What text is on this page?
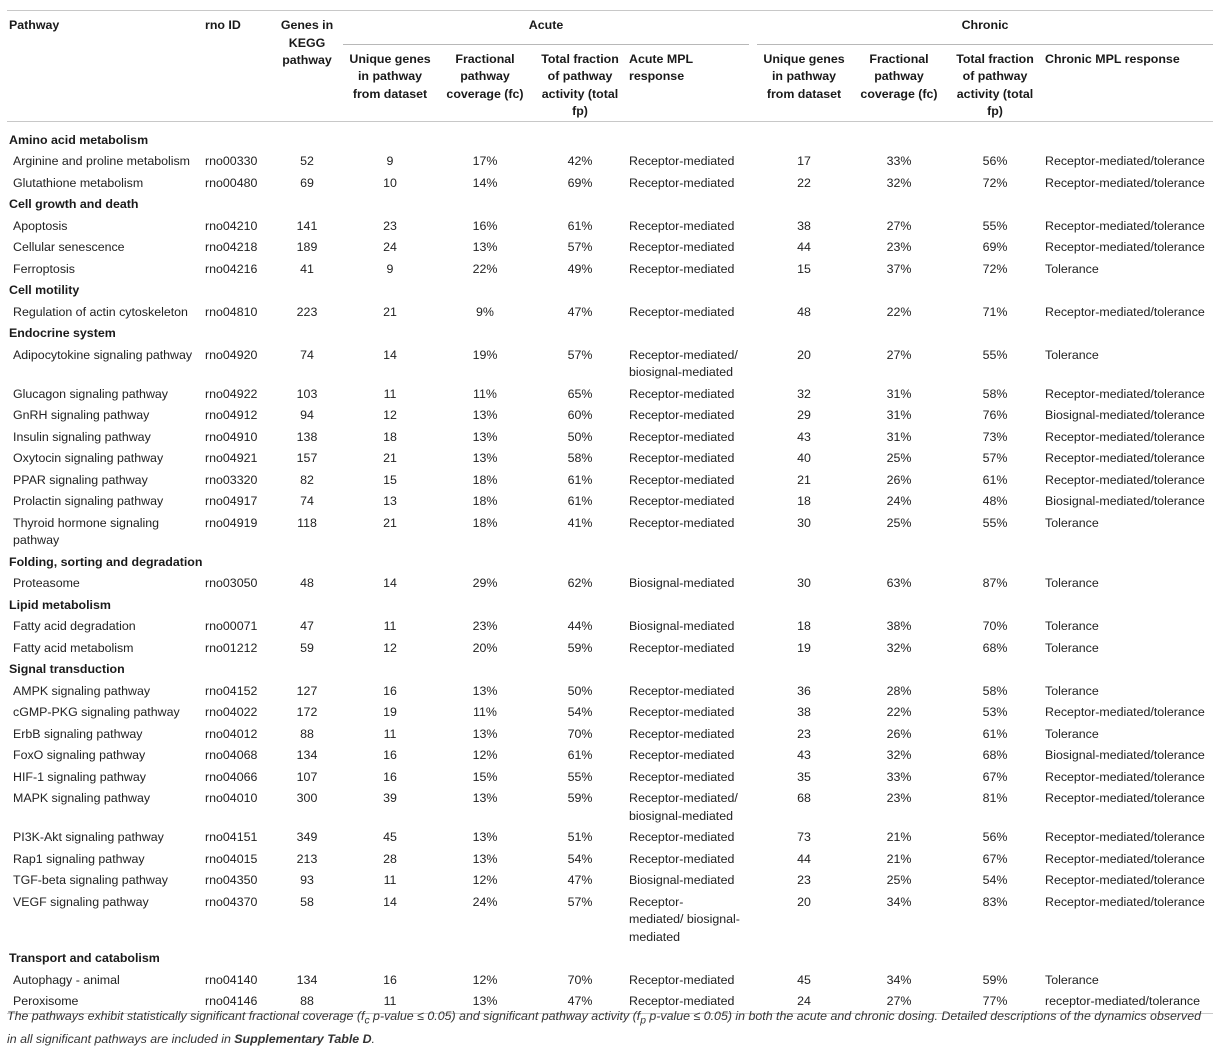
Pathway	rno ID	Genes in KEGG pathway	Acute					Chronic			
			Unique genes in pathway from dataset	Fractional pathway coverage (fc)	Total fraction of pathway activity (total fp)	Acute MPL response		Unique genes in pathway from dataset	Fractional pathway coverage (fc)	Total fraction of pathway activity (total fp)	Chronic MPL response
Amino acid metabolism											
Arginine and proline metabolism	rno00330	52	9	17%	42%	Receptor-mediated		17	33%	56%	Receptor-mediated/tolerance
Glutathione metabolism	rno00480	69	10	14%	69%	Receptor-mediated		22	32%	72%	Receptor-mediated/tolerance
Cell growth and death											
Apoptosis	rno04210	141	23	16%	61%	Receptor-mediated		38	27%	55%	Receptor-mediated/tolerance
Cellular senescence	rno04218	189	24	13%	57%	Receptor-mediated		44	23%	69%	Receptor-mediated/tolerance
Ferroptosis	rno04216	41	9	22%	49%	Receptor-mediated		15	37%	72%	Tolerance
Cell motility											
Regulation of actin cytoskeleton	rno04810	223	21	9%	47%	Receptor-mediated		48	22%	71%	Receptor-mediated/tolerance
Endocrine system											
Adipocytokine signaling pathway	rno04920	74	14	19%	57%	Receptor-mediated/ biosignal-mediated		20	27%	55%	Tolerance
Glucagon signaling pathway	rno04922	103	11	11%	65%	Receptor-mediated		32	31%	58%	Receptor-mediated/tolerance
GnRH signaling pathway	rno04912	94	12	13%	60%	Receptor-mediated		29	31%	76%	Biosignal-mediated/tolerance
Insulin signaling pathway	rno04910	138	18	13%	50%	Receptor-mediated		43	31%	73%	Receptor-mediated/tolerance
Oxytocin signaling pathway	rno04921	157	21	13%	58%	Receptor-mediated		40	25%	57%	Receptor-mediated/tolerance
PPAR signaling pathway	rno03320	82	15	18%	61%	Receptor-mediated		21	26%	61%	Receptor-mediated/tolerance
Prolactin signaling pathway	rno04917	74	13	18%	61%	Receptor-mediated		18	24%	48%	Biosignal-mediated/tolerance
Thyroid hormone signaling pathway	rno04919	118	21	18%	41%	Receptor-mediated		30	25%	55%	Tolerance
Folding, sorting and degradation											
Proteasome	rno03050	48	14	29%	62%	Biosignal-mediated		30	63%	87%	Tolerance
Lipid metabolism											
Fatty acid degradation	rno00071	47	11	23%	44%	Biosignal-mediated		18	38%	70%	Tolerance
Fatty acid metabolism	rno01212	59	12	20%	59%	Receptor-mediated		19	32%	68%	Tolerance
Signal transduction											
AMPK signaling pathway	rno04152	127	16	13%	50%	Receptor-mediated		36	28%	58%	Tolerance
cGMP-PKG signaling pathway	rno04022	172	19	11%	54%	Receptor-mediated		38	22%	53%	Receptor-mediated/tolerance
ErbB signaling pathway	rno04012	88	11	13%	70%	Receptor-mediated		23	26%	61%	Tolerance
FoxO signaling pathway	rno04068	134	16	12%	61%	Receptor-mediated		43	32%	68%	Biosignal-mediated/tolerance
HIF-1 signaling pathway	rno04066	107	16	15%	55%	Receptor-mediated		35	33%	67%	Receptor-mediated/tolerance
MAPK signaling pathway	rno04010	300	39	13%	59%	Receptor-mediated/ biosignal-mediated		68	23%	81%	Receptor-mediated/tolerance
PI3K-Akt signaling pathway	rno04151	349	45	13%	51%	Receptor-mediated		73	21%	56%	Receptor-mediated/tolerance
Rap1 signaling pathway	rno04015	213	28	13%	54%	Receptor-mediated		44	21%	67%	Receptor-mediated/tolerance
TGF-beta signaling pathway	rno04350	93	11	12%	47%	Biosignal-mediated		23	25%	54%	Receptor-mediated/tolerance
VEGF signaling pathway	rno04370	58	14	24%	57%	Receptor- mediated/ biosignal-mediated		20	34%	83%	Receptor-mediated/tolerance
Transport and catabolism											
Autophagy - animal	rno04140	134	16	12%	70%	Receptor-mediated		45	34%	59%	Tolerance
Peroxisome	rno04146	88	11	13%	47%	Receptor-mediated		24	27%	77%	receptor-mediated/tolerance
The pathways exhibit statistically significant fractional coverage ($f_c$ p-value ≤ 0.05) and significant pathway activity ($f_p$ p-value ≤ 0.05) in both the acute and chronic dosing. Detailed descriptions of the dynamics observed in all significant pathways are included in Supplementary Table D.
